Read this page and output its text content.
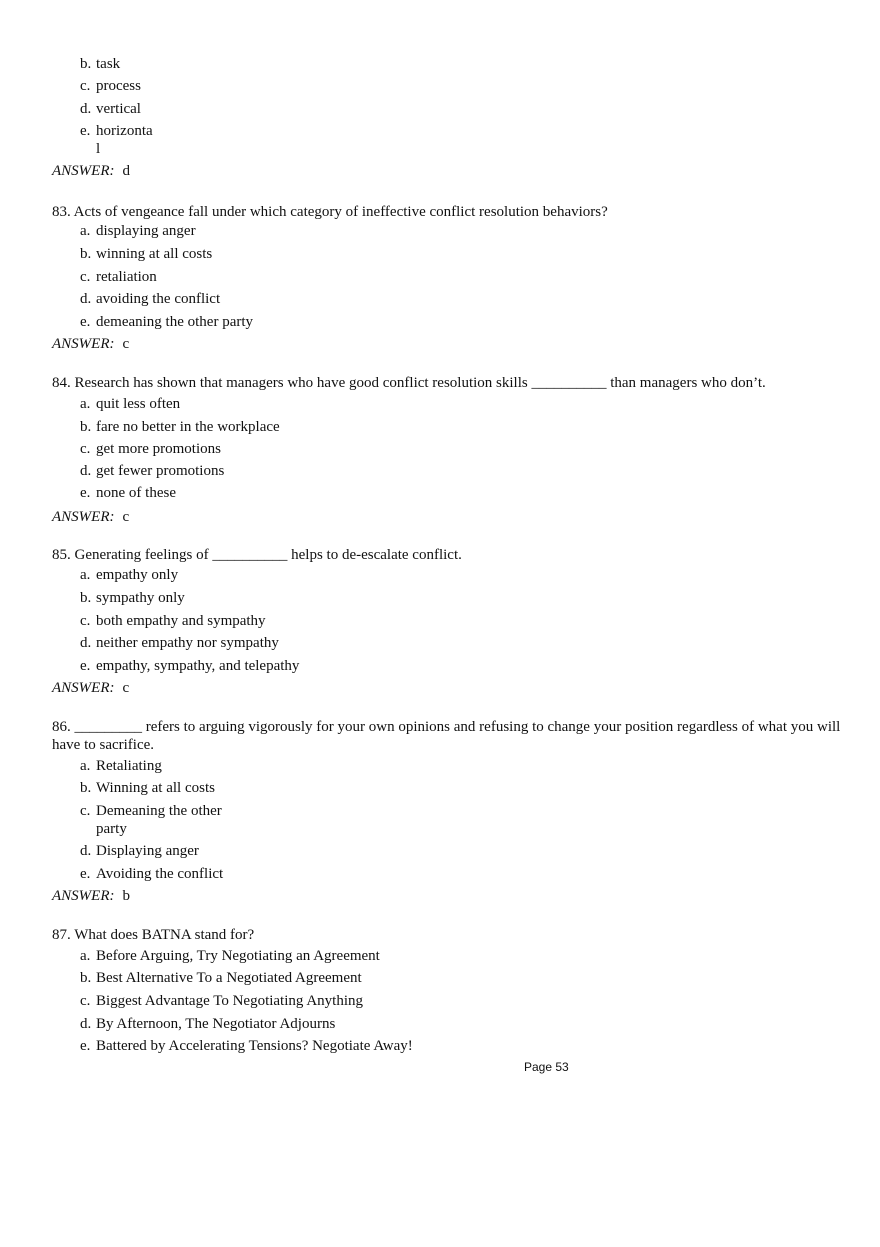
b. task
c. process
d. vertical
e. horizonta l
ANSWER: d
83. Acts of vengeance fall under which category of ineffective conflict resolution behaviors?
a. displaying anger
b. winning at all costs
c. retaliation
d. avoiding the conflict
e. demeaning the other party
ANSWER: c
84. Research has shown that managers who have good conflict resolution skills __________ than managers who don’t.
a. quit less often
b. fare no better in the workplace
c. get more promotions
d. get fewer promotions
e. none of these
ANSWER: c
85. Generating feelings of __________ helps to de-escalate conflict.
a. empathy only
b. sympathy only
c. both empathy and sympathy
d. neither empathy nor sympathy
e. empathy, sympathy, and telepathy
ANSWER: c
86. _________ refers to arguing vigorously for your own opinions and refusing to change your position regardless of what you will have to sacrifice.
a. Retaliating
b. Winning at all costs
c. Demeaning the other party
d. Displaying anger
e. Avoiding the conflict
ANSWER: b
87. What does BATNA stand for?
a. Before Arguing, Try Negotiating an Agreement
b. Best Alternative To a Negotiated Agreement
c. Biggest Advantage To Negotiating Anything
d. By Afternoon, The Negotiator Adjourns
e. Battered by Accelerating Tensions? Negotiate Away!
Page 53
